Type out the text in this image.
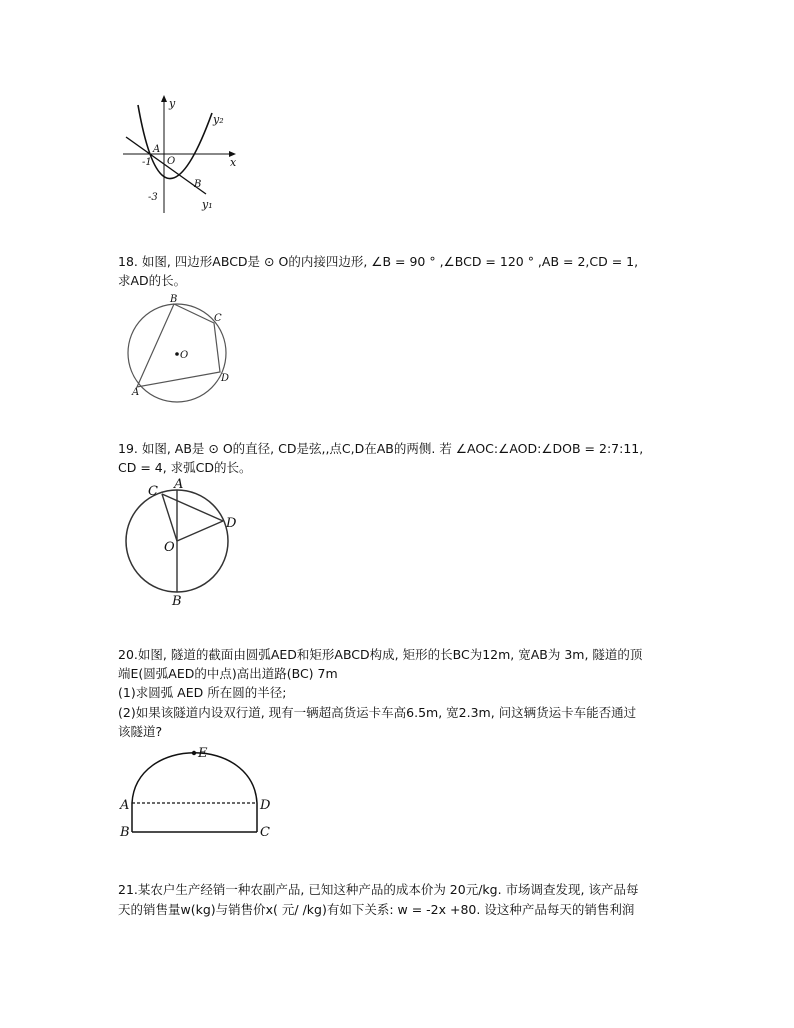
y
x
y₂
y₁
A
O
-1
-3
B
18. 如图, 四边形ABCD是 ⊙ O的内接四边形, ∠B = 90 ° ,∠BCD = 120 ° ,AB = 2,CD = 1,
求AD的长。
O
B
C
D
A
19. 如图, AB是 ⊙ O的直径, CD是弦,,点C,D在AB的两侧. 若 ∠AOC:∠AOD:∠DOB = 2:7:11,
CD = 4, 求弧CD的长。
A
C
D
O
B
20.如图, 隧道的截面由圆弧AED和矩形ABCD构成, 矩形的长BC为12m, 宽AB为 3m, 隧道的顶
端E(圆弧AED的中点)高出道路(BC) 7m
(1)求圆弧 AED 所在圆的半径;
(2)如果该隧道内设双行道, 现有一辆超高货运卡车高6.5m, 宽2.3m, 问这辆货运卡车能否通过
该隧道?
E
A	D
B	C
21.某农户生产经销一种农副产品, 已知这种产品的成本价为 20元/kg. 市场调查发现, 该产品每
天的销售量w(kg)与销售价x( 元/ /kg)有如下关系: w = -2x +80. 设这种产品每天的销售利润
